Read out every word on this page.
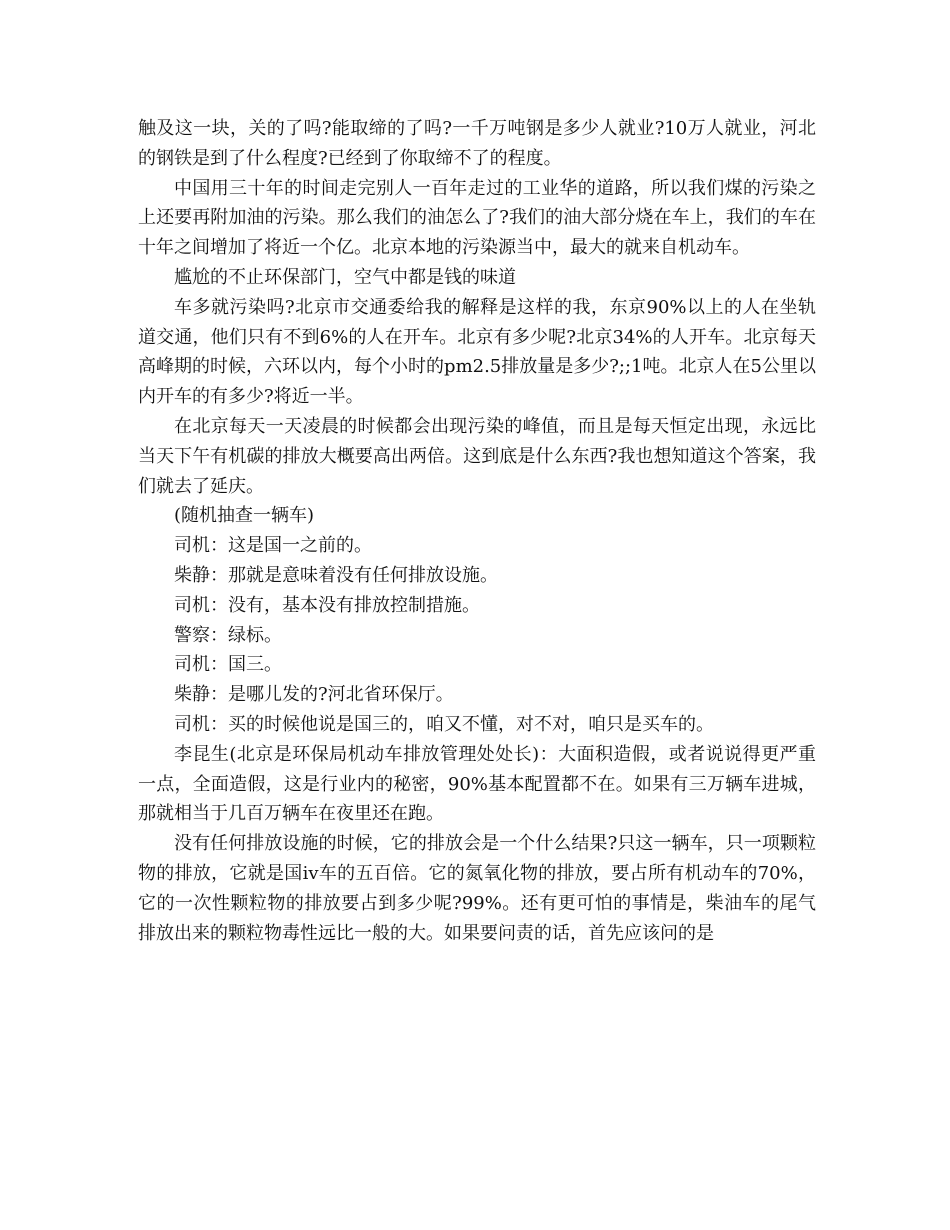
触及这一块，关的了吗?能取缔的了吗?一千万吨钢是多少人就业?10万人就业，河北的钢铁是到了什么程度?已经到了你取缔不了的程度。

中国用三十年的时间走完别人一百年走过的工业华的道路，所以我们煤的污染之上还要再附加油的污染。那么我们的油怎么了?我们的油大部分烧在车上，我们的车在十年之间增加了将近一个亿。北京本地的污染源当中，最大的就来自机动车。

尴尬的不止环保部门，空气中都是钱的味道

车多就污染吗?北京市交通委给我的解释是这样的我，东京90%以上的人在坐轨道交通，他们只有不到6%的人在开车。北京有多少呢?北京34%的人开车。北京每天高峰期的时候，六环以内，每个小时的pm2.5排放量是多少?;;1吨。北京人在5公里以内开车的有多少?将近一半。

在北京每天一天凌晨的时候都会出现污染的峰值，而且是每天恒定出现，永远比当天下午有机碳的排放大概要高出两倍。这到底是什么东西?我也想知道这个答案，我们就去了延庆。

(随机抽查一辆车)

司机：这是国一之前的。

柴静：那就是意味着没有任何排放设施。

司机：没有，基本没有排放控制措施。

警察：绿标。

司机：国三。

柴静：是哪儿发的?河北省环保厅。

司机：买的时候他说是国三的，咱又不懂，对不对，咱只是买车的。

李昆生(北京是环保局机动车排放管理处处长)：大面积造假，或者说说得更严重一点，全面造假，这是行业内的秘密，90%基本配置都不在。如果有三万辆车进城，那就相当于几百万辆车在夜里还在跑。

没有任何排放设施的时候，它的排放会是一个什么结果?只这一辆车，只一项颗粒物的排放，它就是国iv车的五百倍。它的氮氧化物的排放，要占所有机动车的70%，它的一次性颗粒物的排放要占到多少呢?99%。还有更可怕的事情是，柴油车的尾气排放出来的颗粒物毒性远比一般的大。如果要问责的话，首先应该问的是
